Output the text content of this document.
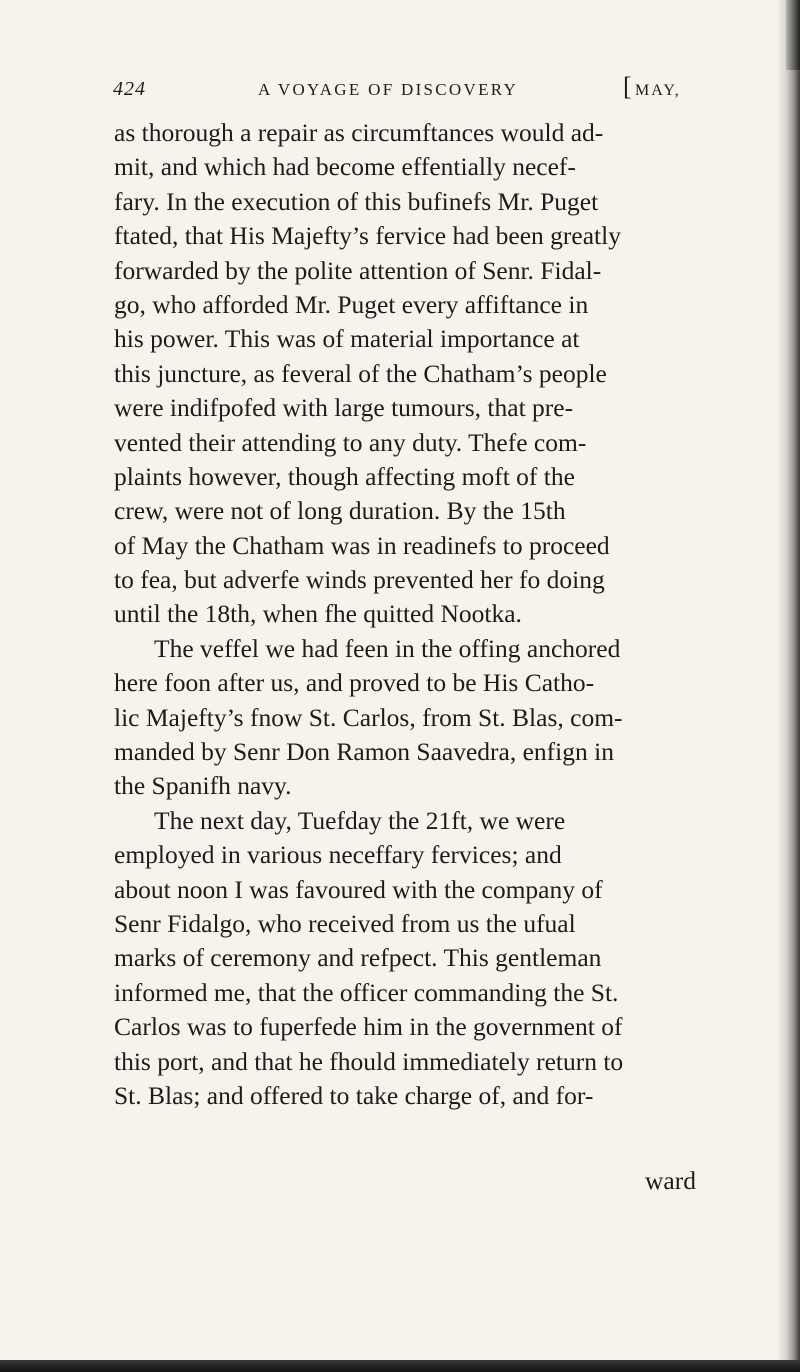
424	A VOYAGE OF DISCOVERY	[ MAY,
as thorough a repair as circumftances would ad-
mit, and which had become effentially necef-
fary. In the execution of this bufinefs Mr. Puget
ftated, that His Majefty’s fervice had been greatly
forwarded by the polite attention of Senr. Fidal-
go, who afforded Mr. Puget every affiftance in
his power. This was of material importance at
this juncture, as feveral of the Chatham’s people
were indifpofed with large tumours, that pre-
vented their attending to any duty. Thefe com-
plaints however, though affecting moft of the
crew, were not of long duration. By the 15th
of May the Chatham was in readinefs to proceed
to fea, but adverfe winds prevented her fo doing
until the 18th, when fhe quitted Nootka.
The veffel we had feen in the offing anchored
here foon after us, and proved to be His Catho-
lic Majefty’s fnow St. Carlos, from St. Blas, com-
manded by Senr Don Ramon Saavedra, enfign in
the Spanifh navy.
The next day, Tuefday the 21ft, we were
employed in various neceffary fervices; and
about noon I was favoured with the company of
Senr Fidalgo, who received from us the ufual
marks of ceremony and refpect. This gentleman
informed me, that the officer commanding the St.
Carlos was to fuperfede him in the government of
this port, and that he fhould immediately return to
St. Blas; and offered to take charge of, and for-
ward
